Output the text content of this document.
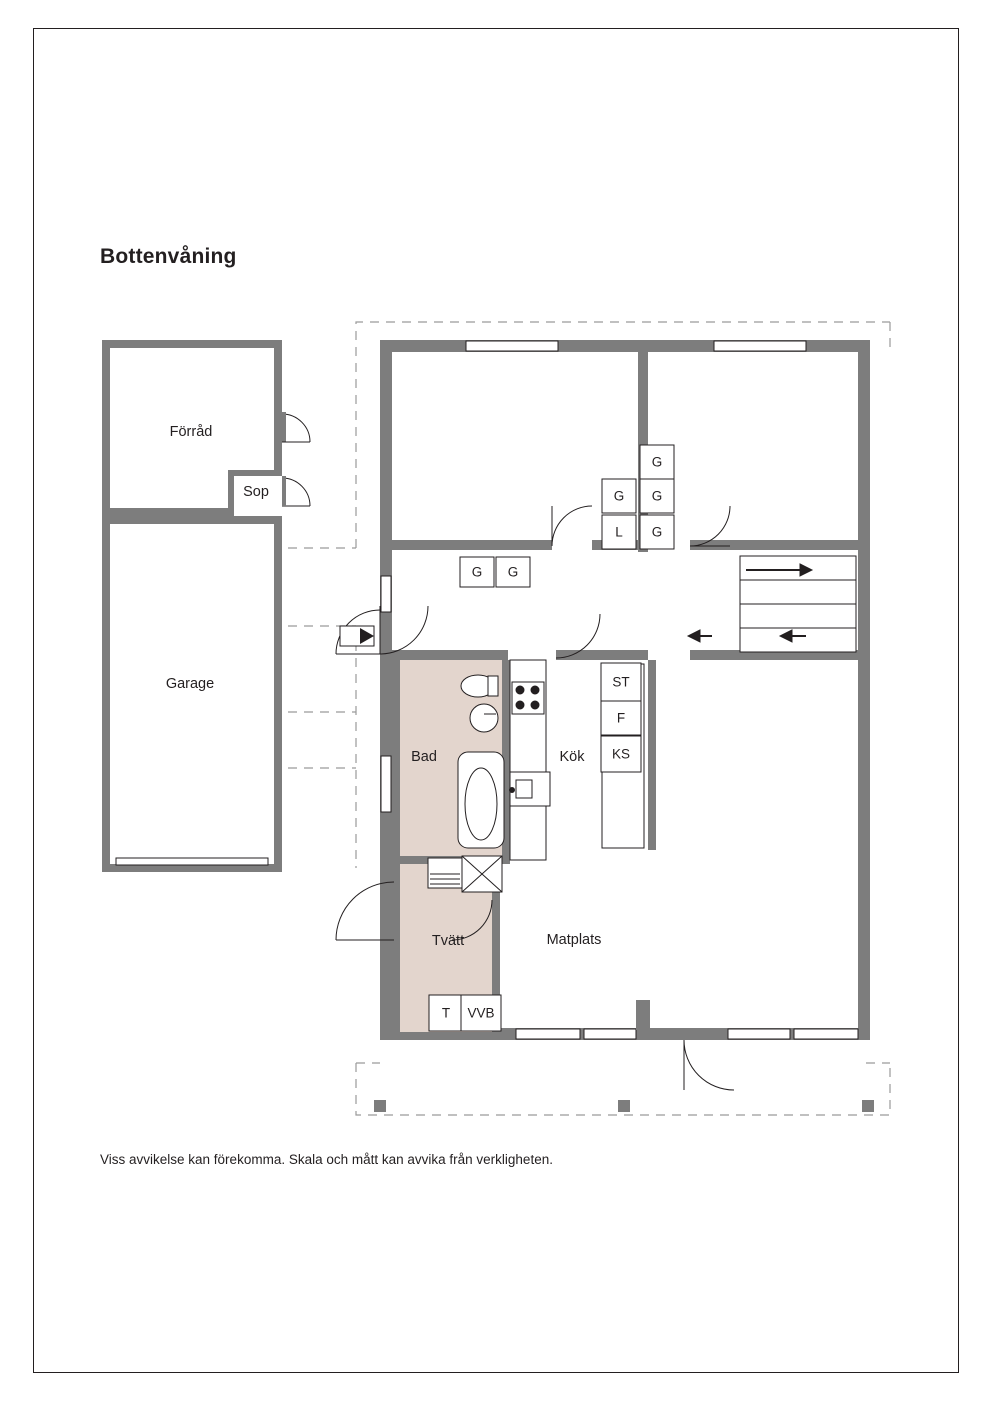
Bottenvåning
Viss avvikelse kan förekomma. Skala och mått kan avvika från verkligheten.
Förråd
Sop
Garage
Bad	Kök
Tvätt	Matplats
G
G G
L G
G G
ST
F
KS
T VVB
